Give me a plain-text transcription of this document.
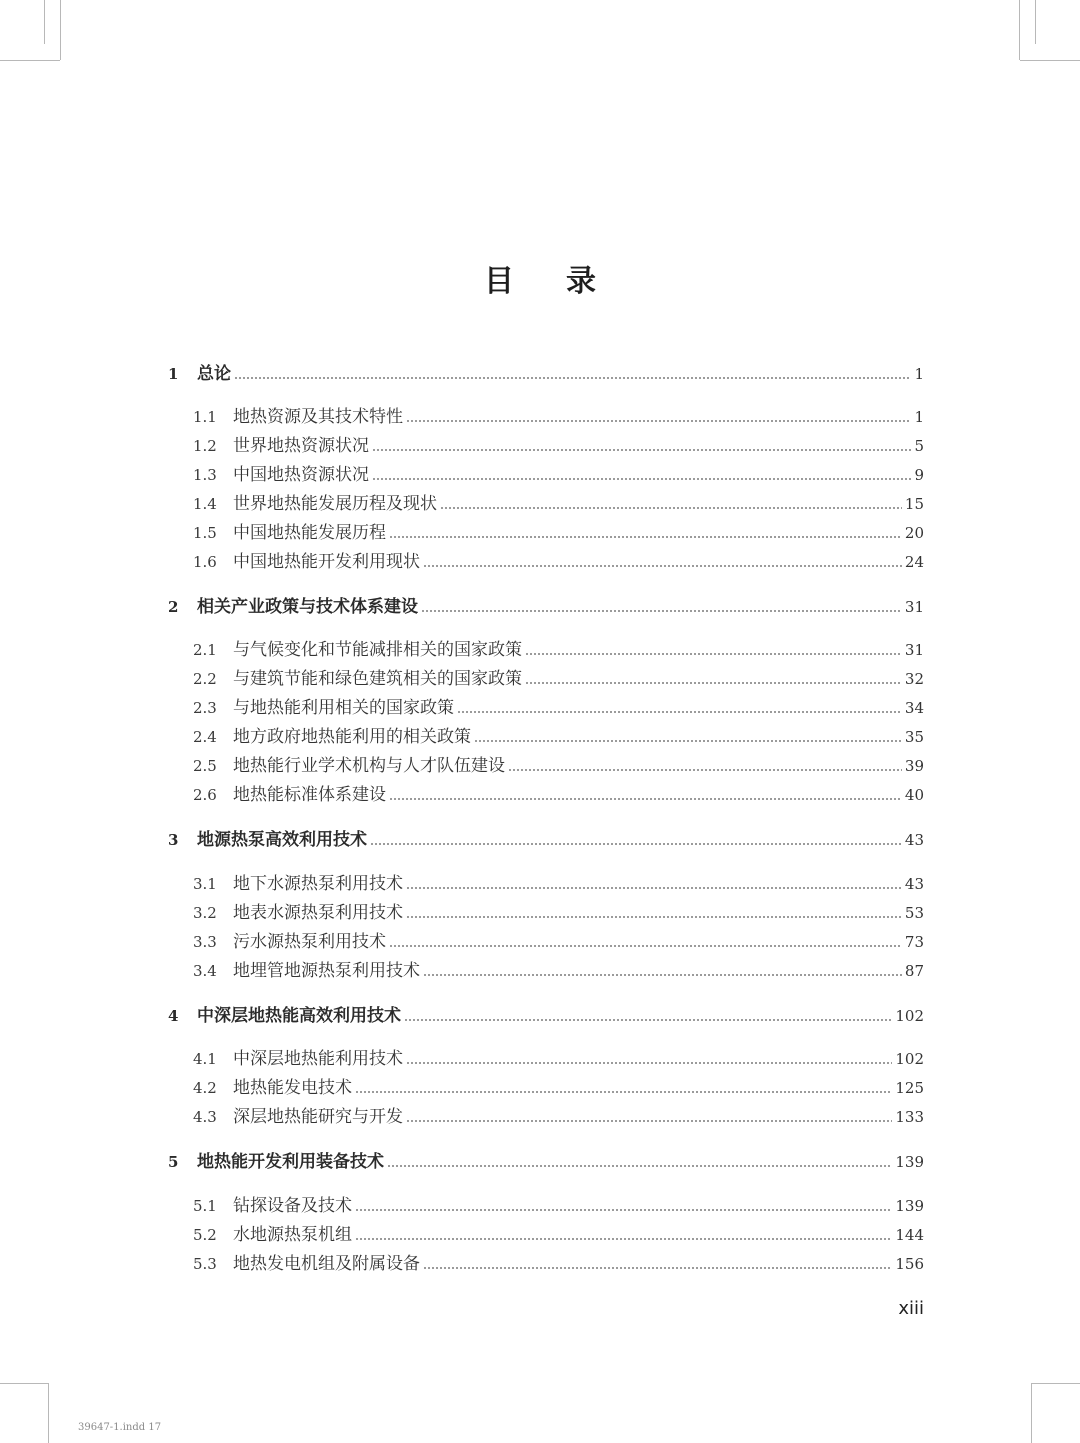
目 录
1	总论	1
1.1 地热资源及其技术特性	1
1.2 世界地热资源状况	5
1.3 中国地热资源状况	9
1.4 世界地热能发展历程及现状	15
1.5 中国地热能发展历程	20
1.6 中国地热能开发利用现状	24
2	相关产业政策与技术体系建设	31
2.1 与气候变化和节能减排相关的国家政策	31
2.2 与建筑节能和绿色建筑相关的国家政策	32
2.3 与地热能利用相关的国家政策	34
2.4 地方政府地热能利用的相关政策	35
2.5 地热能行业学术机构与人才队伍建设	39
2.6 地热能标准体系建设	40
3	地源热泵高效利用技术	43
3.1 地下水源热泵利用技术	43
3.2 地表水源热泵利用技术	53
3.3 污水源热泵利用技术	73
3.4 地埋管地源热泵利用技术	87
4	中深层地热能高效利用技术	102
4.1 中深层地热能利用技术	102
4.2 地热能发电技术	125
4.3 深层地热能研究与开发	133
5	地热能开发利用装备技术	139
5.1 钻探设备及技术	139
5.2 水地源热泵机组	144
5.3 地热发电机组及附属设备	156
xiii
39647-1.indd 17
